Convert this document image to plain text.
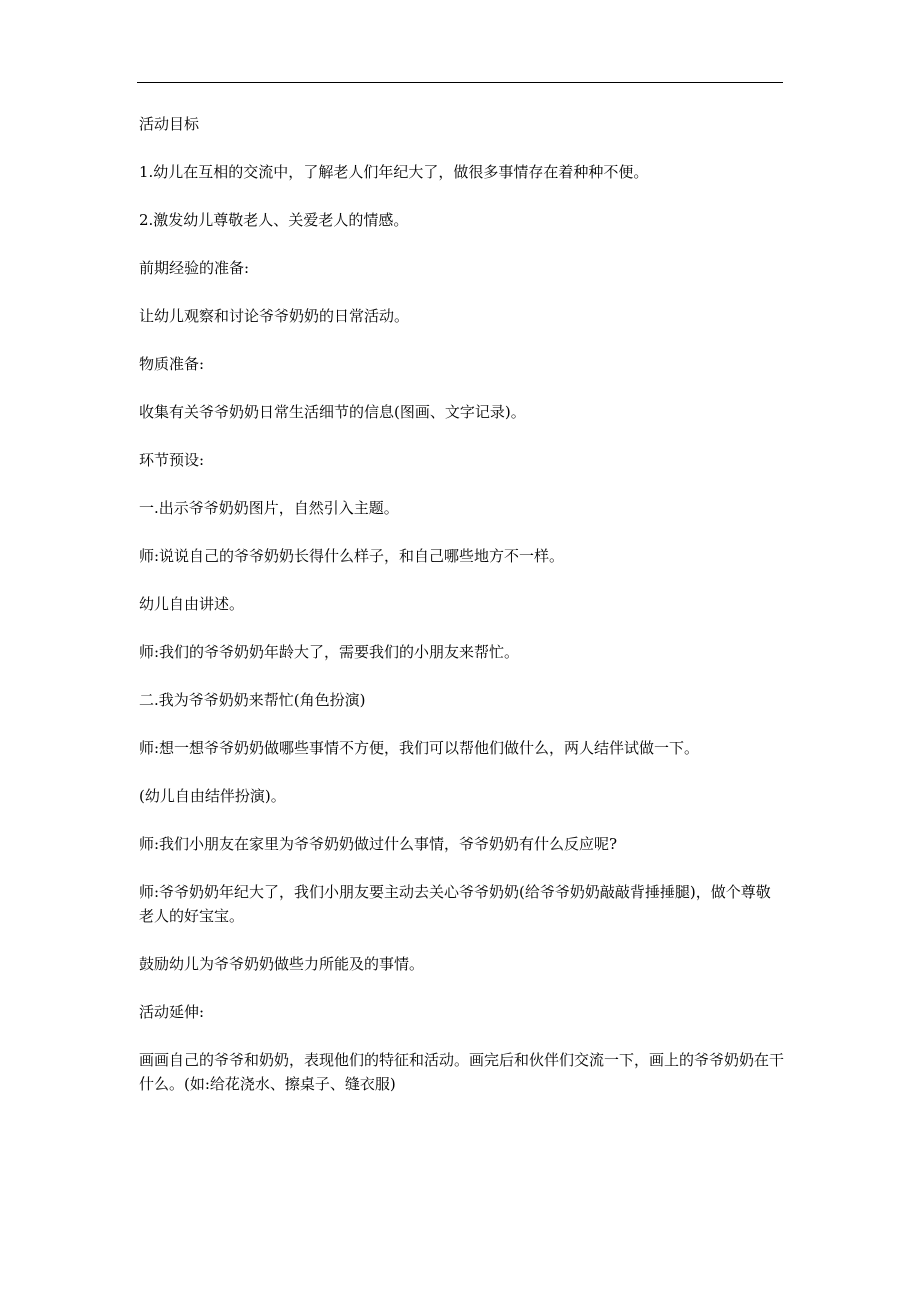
活动目标

1.幼儿在互相的交流中，了解老人们年纪大了，做很多事情存在着种种不便。

2.激发幼儿尊敬老人、关爱老人的情感。

前期经验的准备:

让幼儿观察和讨论爷爷奶奶的日常活动。

物质准备:

收集有关爷爷奶奶日常生活细节的信息(图画、文字记录)。

环节预设:

一.出示爷爷奶奶图片，自然引入主题。

师:说说自己的爷爷奶奶长得什么样子，和自己哪些地方不一样。

幼儿自由讲述。

师:我们的爷爷奶奶年龄大了，需要我们的小朋友来帮忙。

二.我为爷爷奶奶来帮忙(角色扮演)

师:想一想爷爷奶奶做哪些事情不方便，我们可以帮他们做什么，两人结伴试做一下。

(幼儿自由结伴扮演)。

师:我们小朋友在家里为爷爷奶奶做过什么事情，爷爷奶奶有什么反应呢?

师:爷爷奶奶年纪大了，我们小朋友要主动去关心爷爷奶奶(给爷爷奶奶敲敲背捶捶腿)，做个尊敬老人的好宝宝。

鼓励幼儿为爷爷奶奶做些力所能及的事情。

活动延伸:

画画自己的爷爷和奶奶，表现他们的特征和活动。画完后和伙伴们交流一下，画上的爷爷奶奶在干什么。(如:给花浇水、擦桌子、缝衣服)
